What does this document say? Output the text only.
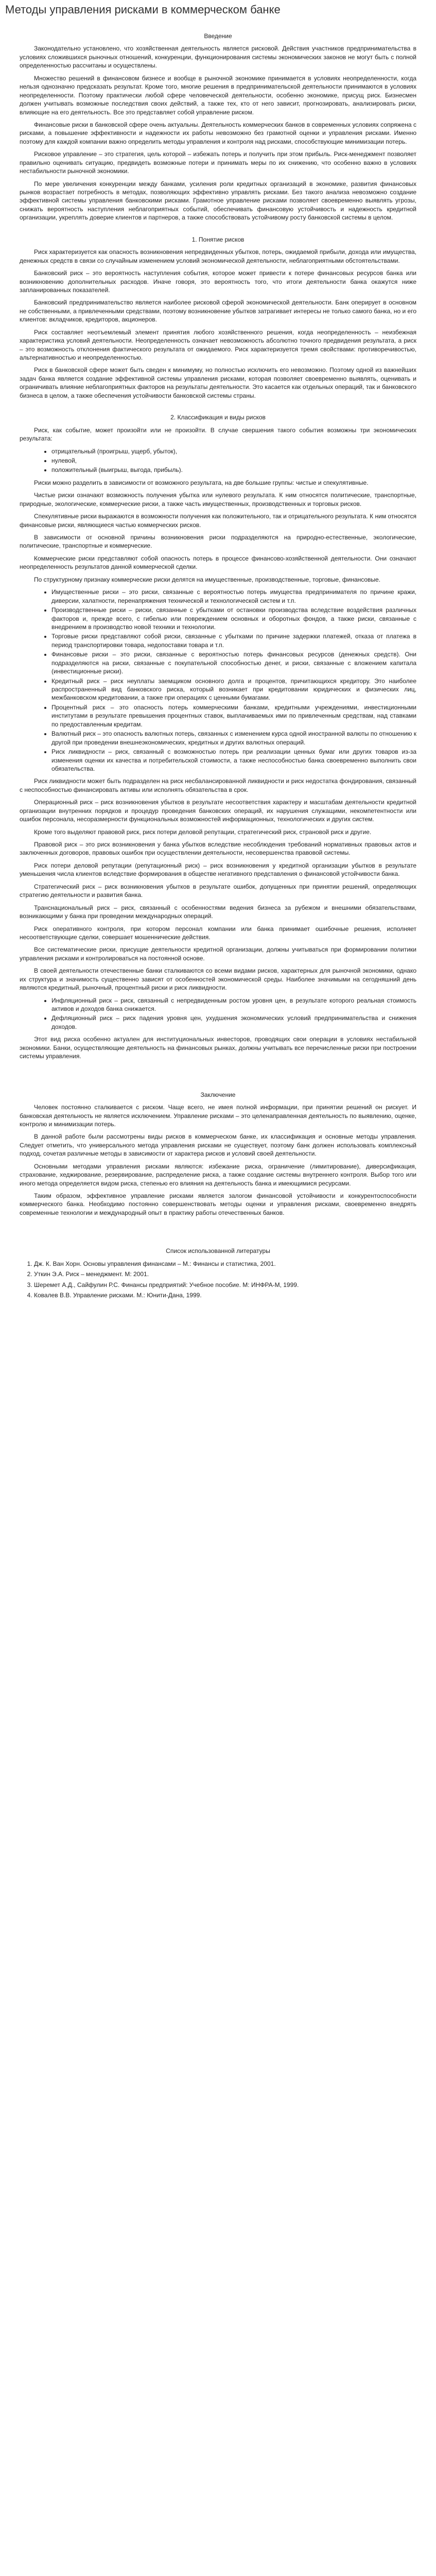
Методы управления рисками в коммерческом банке
Введение

Законодательно установлено, что хозяйственная деятельность является рисковой. Действия участников предпринимательства в условиях сложившихся рыночных отношений, конкуренции, функционирования системы экономических законов не могут быть с полной определенностью рассчитаны и осуществлены.

Множество решений в финансовом бизнесе и вообще в рыночной экономике принимается в условиях неопределенности, когда нельзя однозначно предсказать результат. Кроме того, многие решения в предпринимательской деятельности принимаются в условиях неопределенности. Поэтому практически любой сфере человеческой деятельности, особенно экономике, присущ риск. Бизнесмен должен учитывать возможные последствия своих действий, а также тех, кто от него зависит, прогнозировать, анализировать риски, влияющие на его деятельность. Все это представляет собой управление риском.

Финансовые риски в банковской сфере очень актуальны. Деятельность коммерческих банков в современных условиях сопряжена с рисками, а повышение эффективности и надежности их работы невозможно без грамотной оценки и управления рисками. Именно поэтому для каждой компании важно определить методы управления и контроля над рисками, способствующие минимизации потерь.

Рисковое управление – это стратегия, цель которой – избежать потерь и получить при этом прибыль. Риск-менеджмент позволяет правильно оценивать ситуацию, предвидеть возможные потери и принимать меры по их снижению, что особенно важно в условиях нестабильности рыночной экономики.

По мере увеличения конкуренции между банками, усиления роли кредитных организаций в экономике, развития финансовых рынков возрастает потребность в методах, позволяющих эффективно управлять рисками. Без такого анализа невозможно создание эффективной системы управления банковскими рисками. Грамотное управление рисками позволяет своевременно выявлять угрозы, снижать вероятность наступления неблагоприятных событий, обеспечивать финансовую устойчивость и надежность кредитной организации, укреплять доверие клиентов и партнеров, а также способствовать устойчивому росту банковской системы в целом.

1. Понятие рисков

Риск характеризуется как опасность возникновения непредвиденных убытков, потерь, ожидаемой прибыли, дохода или имущества, денежных средств в связи со случайным изменением условий экономической деятельности, неблагоприятными обстоятельствами.

Банковский риск – это вероятность наступления события, которое может привести к потере финансовых ресурсов банка или возникновению дополнительных расходов. Иначе говоря, это вероятность того, что итоги деятельности банка окажутся ниже запланированных показателей.

Банковский предпринимательство является наиболее рисковой сферой экономической деятельности. Банк оперирует в основном не собственными, а привлеченными средствами, поэтому возникновение убытков затрагивает интересы не только самого банка, но и его клиентов: вкладчиков, кредиторов, акционеров.

Риск составляет неотъемлемый элемент принятия любого хозяйственного решения, когда неопределенность – неизбежная характеристика условий деятельности. Неопределенность означает невозможность абсолютно точного предвидения результата, а риск – это возможность отклонения фактического результата от ожидаемого. Риск характеризуется тремя свойствами: противоречивостью, альтернативностью и неопределенностью.

Риск в банковской сфере может быть сведен к минимуму, но полностью исключить его невозможно. Поэтому одной из важнейших задач банка является создание эффективной системы управления рисками, которая позволяет своевременно выявлять, оценивать и ограничивать влияние неблагоприятных факторов на результаты деятельности. Это касается как отдельных операций, так и банковского бизнеса в целом, а также обеспечения устойчивости банковской системы страны.

2. Классификация и виды рисков

Риск, как событие, может произойти или не произойти. В случае свершения такого события возможны три экономических результата:

• отрицательный (проигрыш, ущерб, убыток),
• нулевой,
• положительный (выигрыш, выгода, прибыль).

Риски можно разделить в зависимости от возможного результата, на две большие группы: чистые и спекулятивные.

Чистые риски означают возможность получения убытка или нулевого результата. К ним относятся политические, транспортные, природные, экологические, коммерческие риски, а также часть имущественных, производственных и торговых рисков.

Спекулятивные риски выражаются в возможности получения как положительного, так и отрицательного результата. К ним относятся финансовые риски, являющиеся частью коммерческих рисков.

В зависимости от основной причины возникновения риски подразделяются на природно-естественные, экологические, политические, транспортные и коммерческие.

Коммерческие риски представляют собой опасность потерь в процессе финансово-хозяйственной деятельности. Они означают неопределенность результатов данной коммерческой сделки.

По структурному признаку коммерческие риски делятся на имущественные, производственные, торговые, финансовые.

• Имущественные риски – это риски, связанные с вероятностью потерь имущества предпринимателя по причине кражи, диверсии, халатности, перенапряжения технической и технологической систем и т.п.
• Производственные риски – риски, связанные с убытками от остановки производства вследствие воздействия различных факторов и, прежде всего, с гибелью или повреждением основных и оборотных фондов, а также риски, связанные с внедрением в производство новой техники и технологии.
• Торговые риски представляют собой риски, связанные с убытками по причине задержки платежей, отказа от платежа в период транспортировки товара, недопоставки товара и т.п.
• Финансовые риски – это риски, связанные с вероятностью потерь финансовых ресурсов (денежных средств). Они подразделяются на риски, связанные с покупательной способностью денег, и риски, связанные с вложением капитала (инвестиционные риски).
• Кредитный риск – риск неуплаты заемщиком основного долга и процентов, причитающихся кредитору. Это наиболее распространенный вид банковского риска, который возникает при кредитовании юридических и физических лиц, межбанковском кредитовании, а также при операциях с ценными бумагами.
• Процентный риск – это опасность потерь коммерческими банками, кредитными учреждениями, инвестиционными институтами в результате превышения процентных ставок, выплачиваемых ими по привлеченным средствам, над ставками по предоставленным кредитам.
• Валютный риск – это опасность валютных потерь, связанных с изменением курса одной иностранной валюты по отношению к другой при проведении внешнеэкономических, кредитных и других валютных операций.
• Риск ликвидности – риск, связанный с возможностью потерь при реализации ценных бумаг или других товаров из-за изменения оценки их качества и потребительской стоимости, а также неспособностью банка своевременно выполнить свои обязательства.

Риск ликвидности может быть подразделен на риск несбалансированной ликвидности и риск недостатка фондирования, связанный с неспособностью финансировать активы или исполнять обязательства в срок.

Операционный риск – риск возникновения убытков в результате несоответствия характеру и масштабам деятельности кредитной организации внутренних порядков и процедур проведения банковских операций, их нарушения служащими, некомпетентности или ошибок персонала, несоразмерности функциональных возможностей информационных, технологических и других систем.

Кроме того выделяют правовой риск, риск потери деловой репутации, стратегический риск, страновой риск и другие.

Правовой риск – это риск возникновения у банка убытков вследствие несоблюдения требований нормативных правовых актов и заключенных договоров, правовых ошибок при осуществлении деятельности, несовершенства правовой системы.

Риск потери деловой репутации (репутационный риск) – риск возникновения у кредитной организации убытков в результате уменьшения числа клиентов вследствие формирования в обществе негативного представления о финансовой устойчивости банка.

Стратегический риск – риск возникновения убытков в результате ошибок, допущенных при принятии решений, определяющих стратегию деятельности и развития банка.

Транснациональный риск – риск, связанный с особенностями ведения бизнеса за рубежом и внешними обязательствами, возникающими у банка при проведении международных операций.

Риск оперативного контроля, при котором персонал компании или банка принимает ошибочные решения, исполняет несоответствующие сделки, совершает мошеннические действия.

Все систематические риски, присущие деятельности кредитной организации, должны учитываться при формировании политики управления рисками и контролироваться на постоянной основе.

В своей деятельности отечественные банки сталкиваются со всеми видами рисков, характерных для рыночной экономики, однако их структура и значимость существенно зависят от особенностей экономической среды. Наиболее значимыми на сегодняшний день являются кредитный, рыночный, процентный риски и риск ликвидности.

• Инфляционный риск – риск, связанный с непредвиденным ростом уровня цен, в результате которого реальная стоимость активов и доходов банка снижается.
• Дефляционный риск – риск падения уровня цен, ухудшения экономических условий предпринимательства и снижения доходов.

Этот вид риска особенно актуален для институциональных инвесторов, проводящих свои операции в условиях нестабильной экономики. Банки, осуществляющие деятельность на финансовых рынках, должны учитывать все перечисленные риски при построении системы управления.

Заключение

Человек постоянно сталкивается с риском. Чаще всего, не имея полной информации, при принятии решений он рискует. И банковская деятельность не является исключением. Управление рисками – это целенаправленная деятельность по выявлению, оценке, контролю и минимизации потерь.

В данной работе были рассмотрены виды рисков в коммерческом банке, их классификация и основные методы управления. Следует отметить, что универсального метода управления рисками не существует, поэтому банк должен использовать комплексный подход, сочетая различные методы в зависимости от характера рисков и условий своей деятельности.

Основными методами управления рисками являются: избежание риска, ограничение (лимитирование), диверсификация, страхование, хеджирование, резервирование, распределение риска, а также создание системы внутреннего контроля. Выбор того или иного метода определяется видом риска, степенью его влияния на деятельность банка и имеющимися ресурсами.

Таким образом, эффективное управление рисками является залогом финансовой устойчивости и конкурентоспособности коммерческого банка. Необходимо постоянно совершенствовать методы оценки и управления рисками, своевременно внедрять современные технологии и международный опыт в практику работы отечественных банков.

Список использованной литературы
1. Дж. К. Ван Хорн. Основы управления финансами – М.: Финансы и статистика, 2001.
2. Уткин Э.А. Риск – менеджмент. М: 2001.
3. Шеремет А.Д., Сайфулин Р.С. Финансы предприятий: Учебное пособие. М: ИНФРА-М, 1999.
4. Ковалев В.В. Управление рисками. М.: Юнити-Дана, 1999.
